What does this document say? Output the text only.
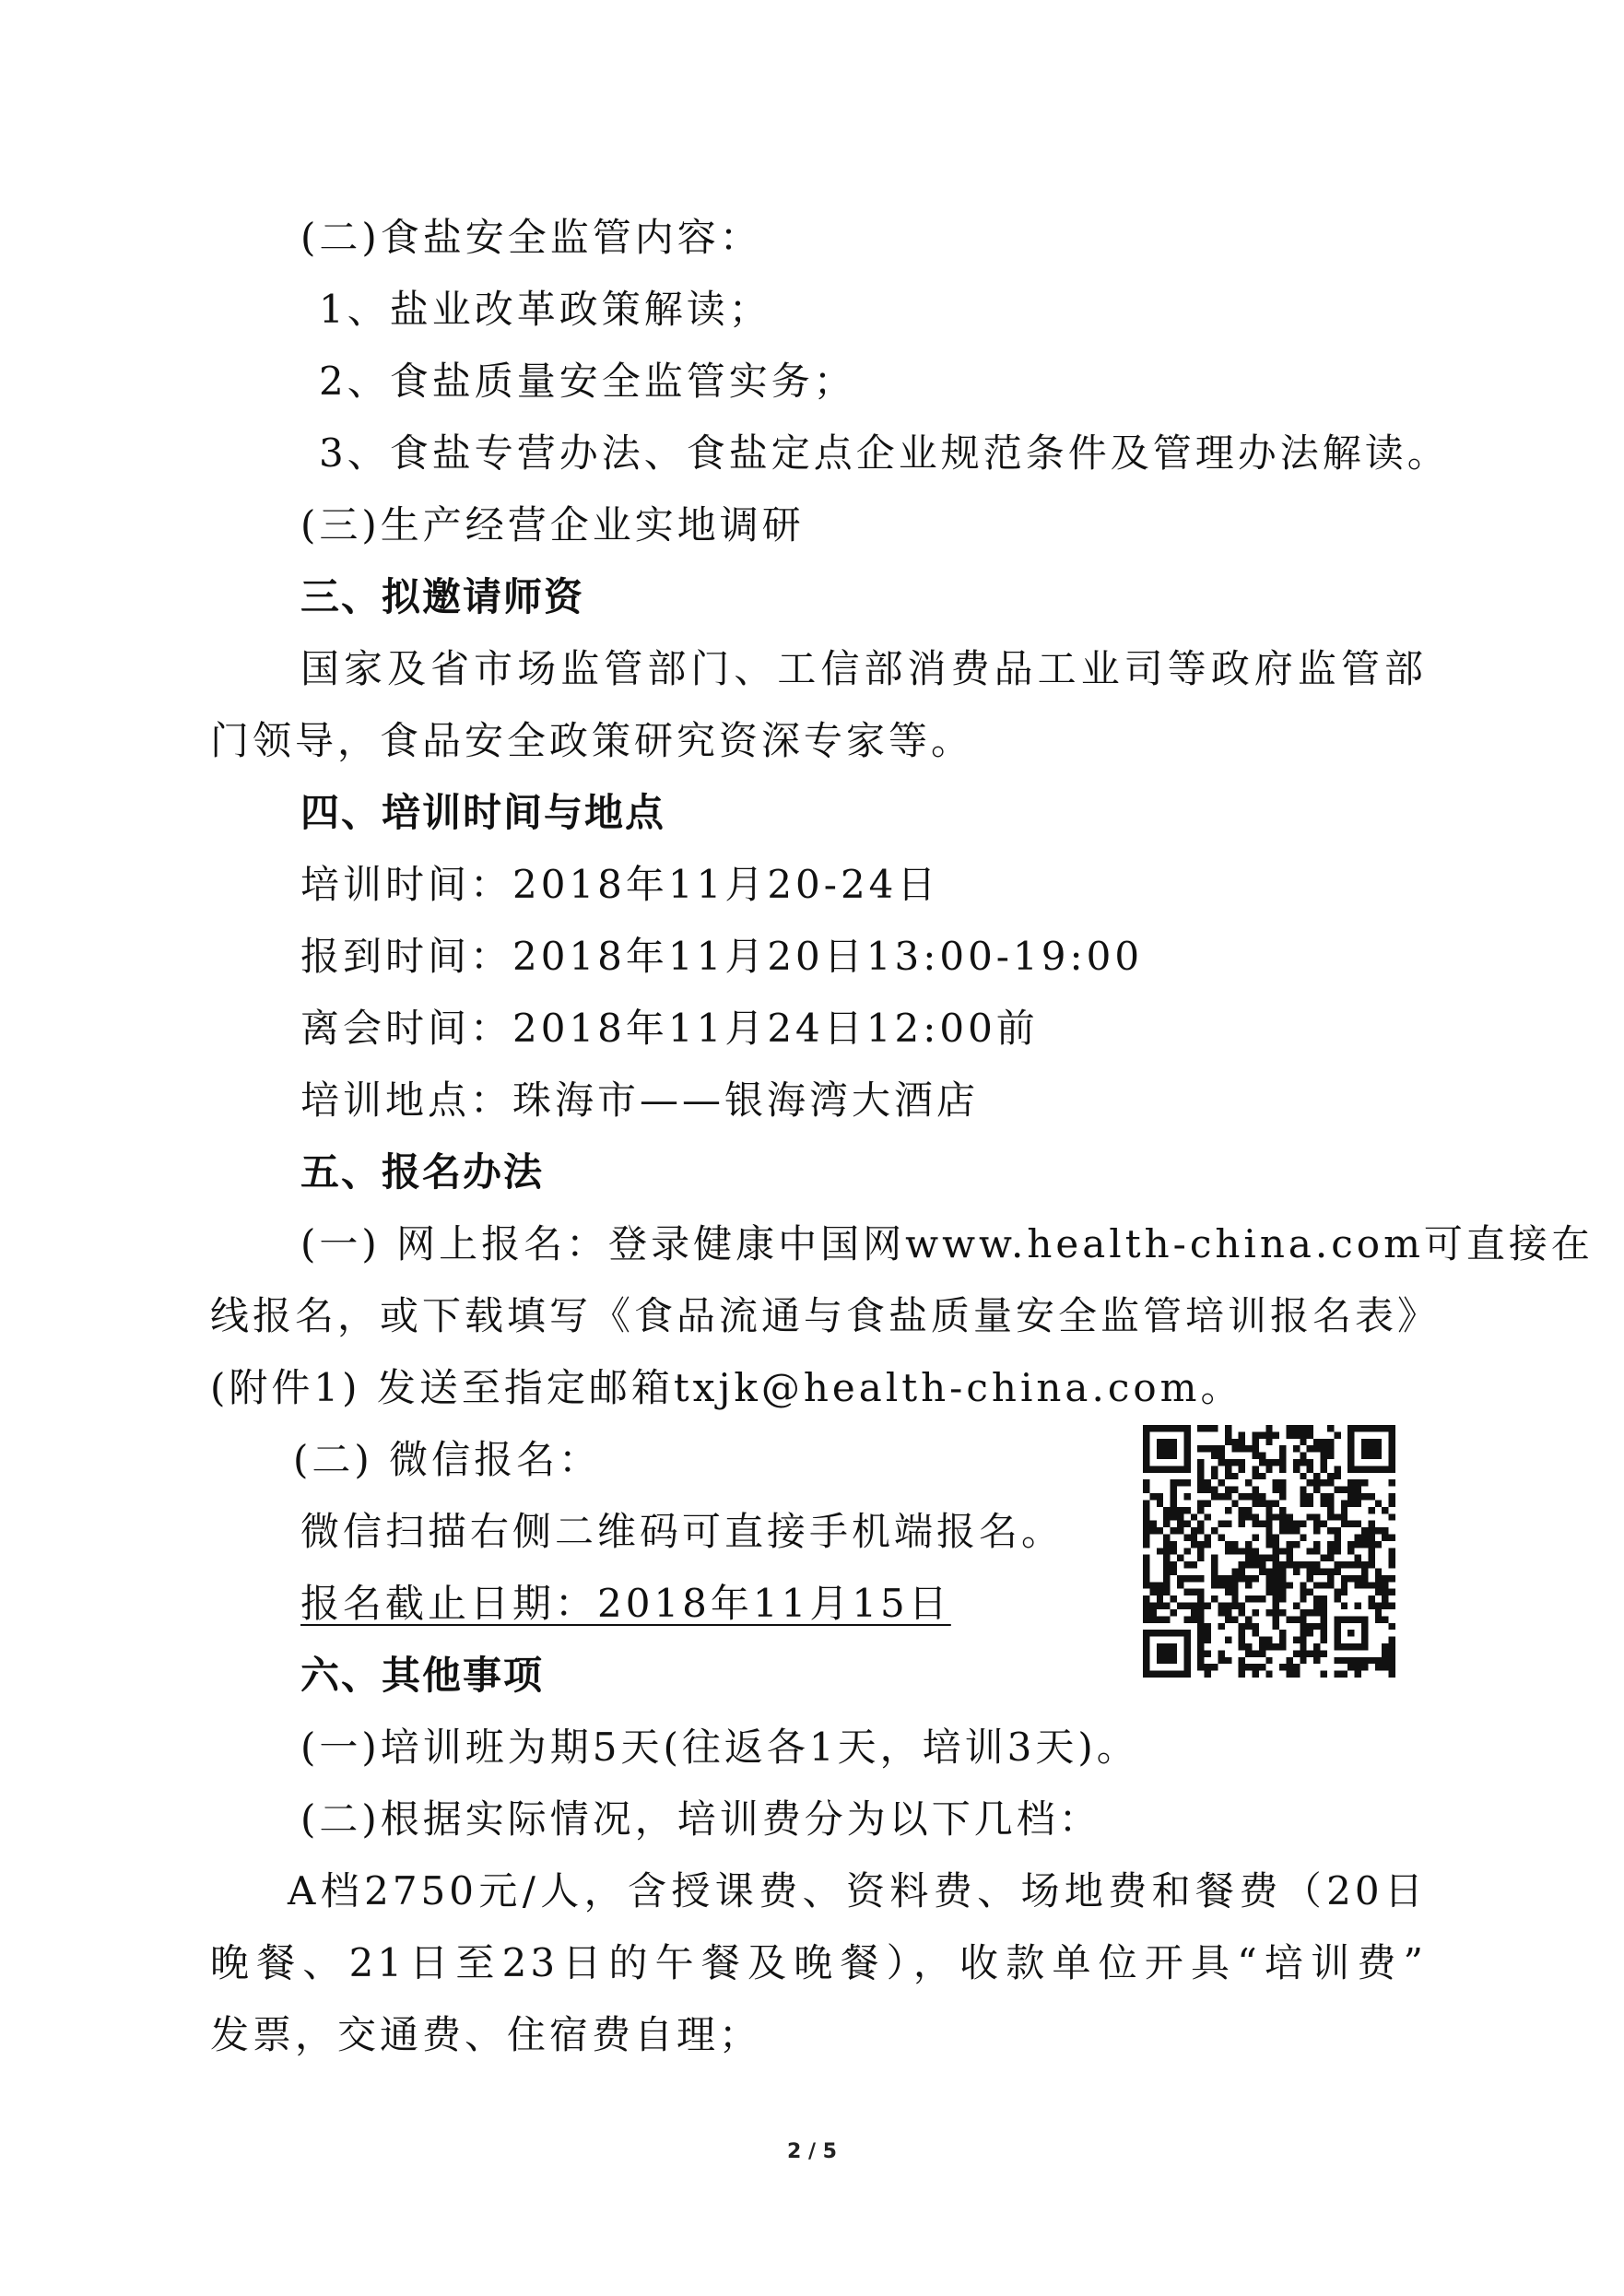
(二)食盐安全监管内容：
1、盐业改革政策解读；
2、食盐质量安全监管实务；
3、食盐专营办法、食盐定点企业规范条件及管理办法解读。
(三)生产经营企业实地调研
三、拟邀请师资
国家及省市场监管部门、工信部消费品工业司等政府监管部
门领导，食品安全政策研究资深专家等。
四、培训时间与地点
培训时间：2018年11月20-24日
报到时间：2018年11月20日13:00-19:00
离会时间：2018年11月24日12:00前
培训地点：珠海市——银海湾大酒店
五、报名办法
(一) 网上报名：登录健康中国网www.health-china.com可直接在
线报名，或下载填写《食品流通与食盐质量安全监管培训报名表》
(附件1) 发送至指定邮箱txjk@health-china.com。
(二) 微信报名：
微信扫描右侧二维码可直接手机端报名。
报名截止日期：2018年11月15日
六、其他事项
(一)培训班为期5天(往返各1天，培训3天)。
(二)根据实际情况，培训费分为以下几档：
A档2750元/人，含授课费、资料费、场地费和餐费（20日
晚餐、21日至23日的午餐及晚餐），收款单位开具“培训费”
发票，交通费、住宿费自理；
2 / 5
